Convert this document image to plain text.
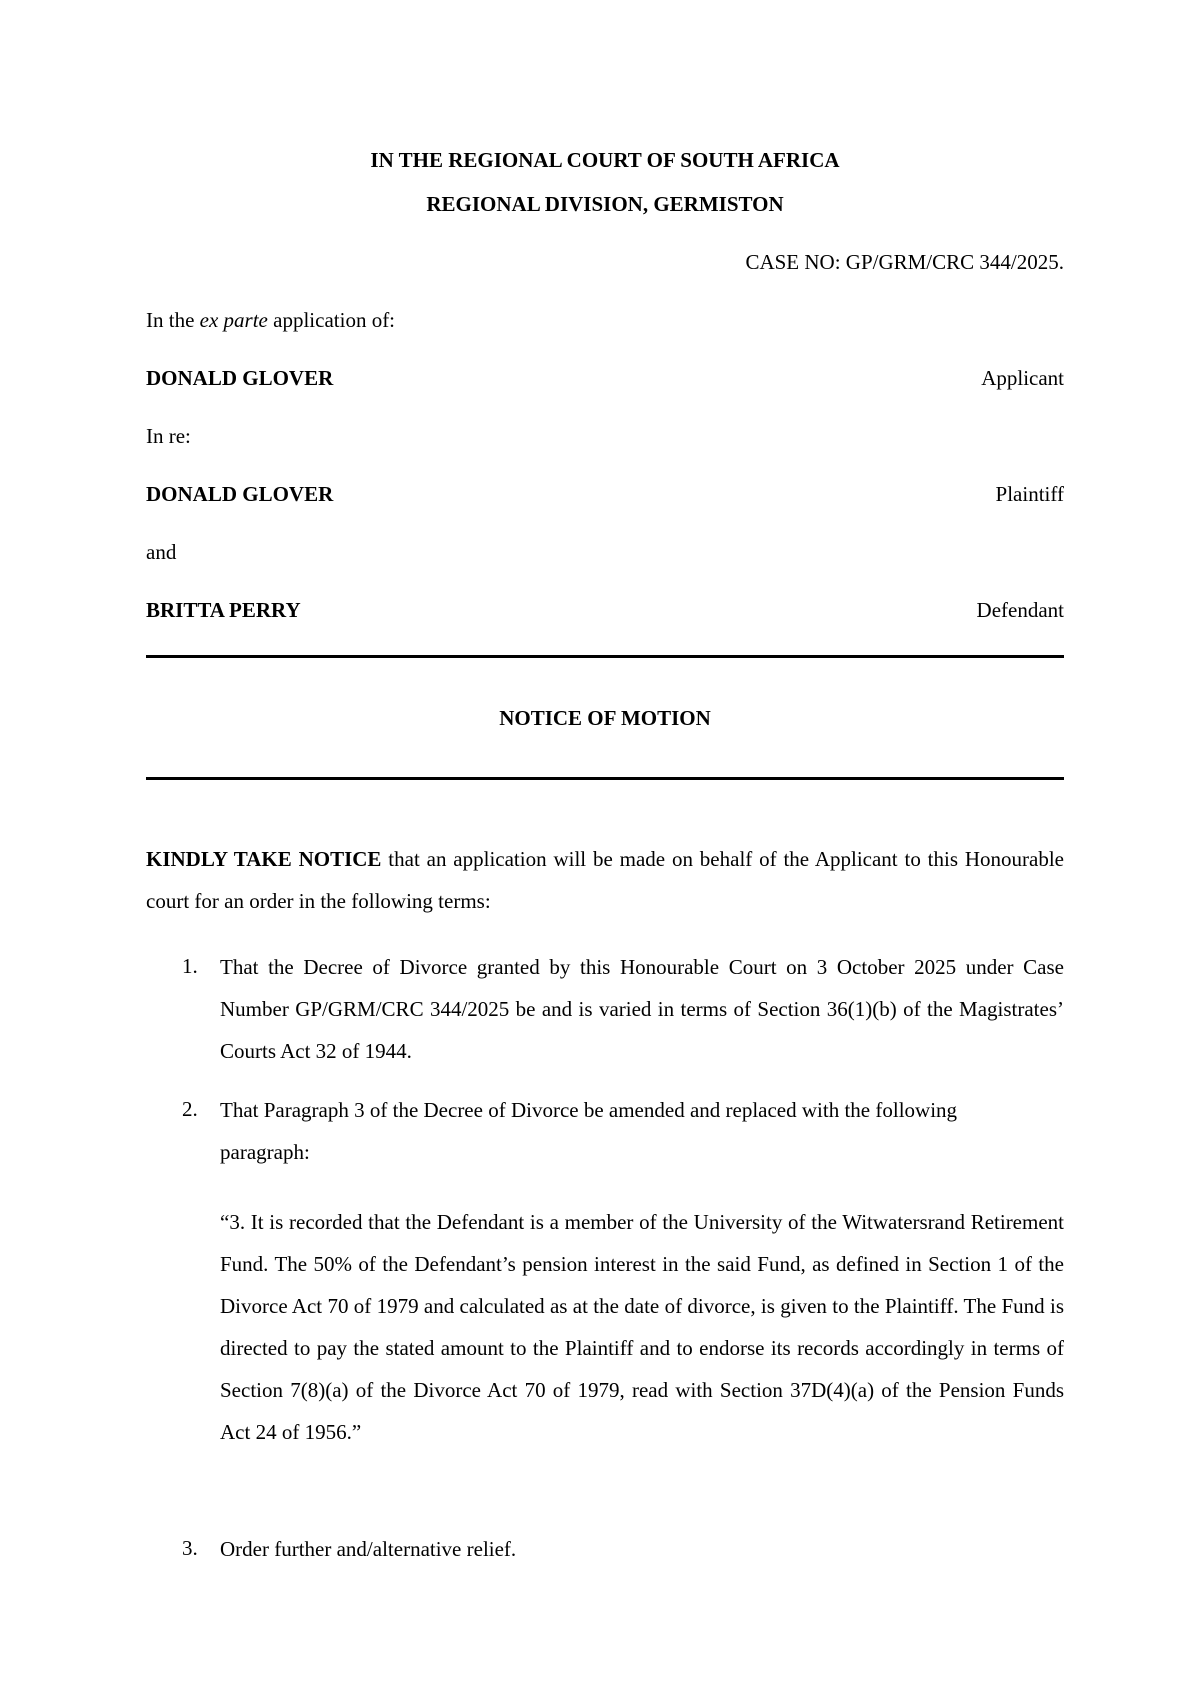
IN THE REGIONAL COURT OF SOUTH AFRICA
REGIONAL DIVISION, GERMISTON
CASE NO: GP/GRM/CRC 344/2025.
In the ex parte application of:
DONALD GLOVER	Applicant
In re:
DONALD GLOVER	Plaintiff
and
BRITTA PERRY	Defendant
NOTICE OF MOTION
KINDLY TAKE NOTICE that an application will be made on behalf of the Applicant to this Honourable court for an order in the following terms:
1. That the Decree of Divorce granted by this Honourable Court on 3 October 2025 under Case Number GP/GRM/CRC 344/2025 be and is varied in terms of Section 36(1)(b) of the Magistrates’ Courts Act 32 of 1944.
2. That Paragraph 3 of the Decree of Divorce be amended and replaced with the following paragraph:
“3. It is recorded that the Defendant is a member of the University of the Witwatersrand Retirement Fund. The 50% of the Defendant’s pension interest in the said Fund, as defined in Section 1 of the Divorce Act 70 of 1979 and calculated as at the date of divorce, is given to the Plaintiff. The Fund is directed to pay the stated amount to the Plaintiff and to endorse its records accordingly in terms of Section 7(8)(a) of the Divorce Act 70 of 1979, read with Section 37D(4)(a) of the Pension Funds Act 24 of 1956.”
3. Order further and/alternative relief.
